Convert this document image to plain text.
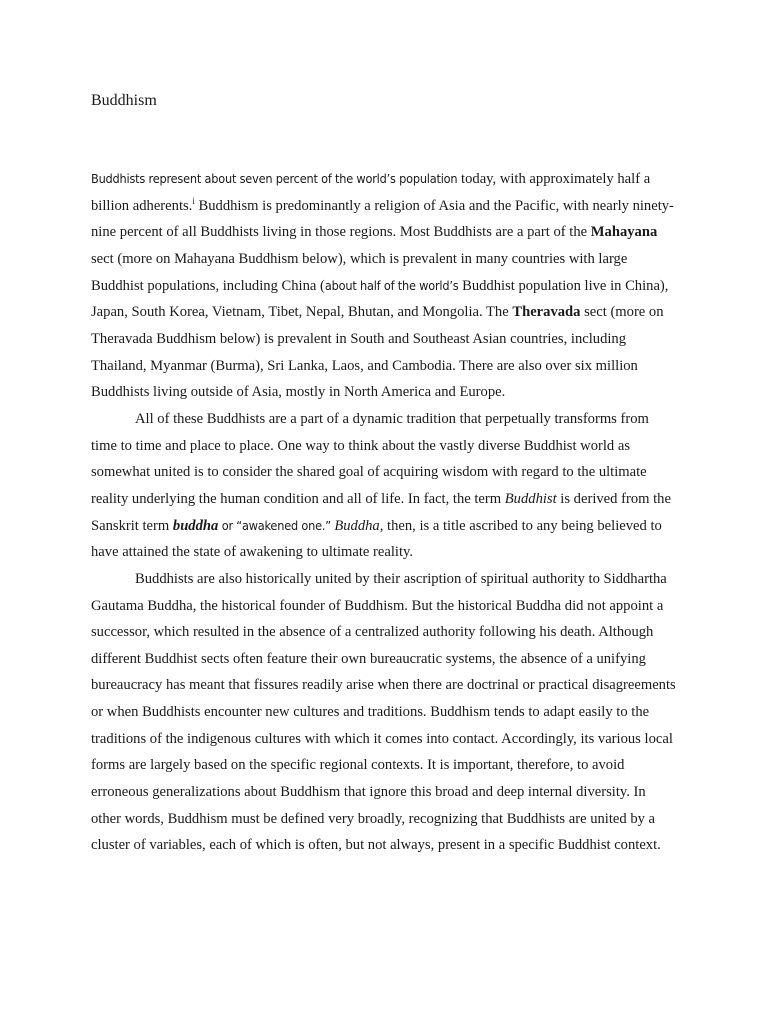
Buddhism

Buddhists represent about seven percent of the world’s population today, with approximately half a billion adherents.$^i$ Buddhism is predominantly a religion of Asia and the Pacific, with nearly ninety-nine percent of all Buddhists living in those regions. Most Buddhists are a part of the Mahayana sect (more on Mahayana Buddhism below), which is prevalent in many countries with large Buddhist populations, including China (about half of the world’s Buddhist population live in China), Japan, South Korea, Vietnam, Tibet, Nepal, Bhutan, and Mongolia. The Theravada sect (more on Theravada Buddhism below) is prevalent in South and Southeast Asian countries, including Thailand, Myanmar (Burma), Sri Lanka, Laos, and Cambodia. There are also over six million Buddhists living outside of Asia, mostly in North America and Europe.

All of these Buddhists are a part of a dynamic tradition that perpetually transforms from time to time and place to place. One way to think about the vastly diverse Buddhist world as somewhat united is to consider the shared goal of acquiring wisdom with regard to the ultimate reality underlying the human condition and all of life. In fact, the term Buddhist is derived from the Sanskrit term buddha or “awakened one.” Buddha, then, is a title ascribed to any being believed to have attained the state of awakening to ultimate reality.

Buddhists are also historically united by their ascription of spiritual authority to Siddhartha Gautama Buddha, the historical founder of Buddhism. But the historical Buddha did not appoint a successor, which resulted in the absence of a centralized authority following his death. Although different Buddhist sects often feature their own bureaucratic systems, the absence of a unifying bureaucracy has meant that fissures readily arise when there are doctrinal or practical disagreements or when Buddhists encounter new cultures and traditions. Buddhism tends to adapt easily to the traditions of the indigenous cultures with which it comes into contact. Accordingly, its various local forms are largely based on the specific regional contexts. It is important, therefore, to avoid erroneous generalizations about Buddhism that ignore this broad and deep internal diversity. In other words, Buddhism must be defined very broadly, recognizing that Buddhists are united by a cluster of variables, each of which is often, but not always, present in a specific Buddhist context.
